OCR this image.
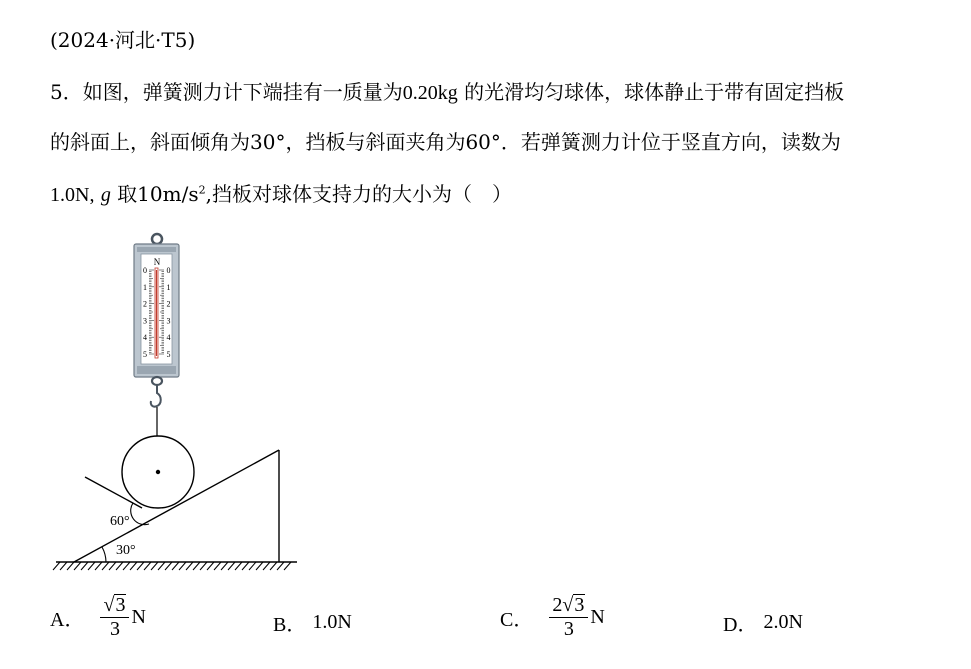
(2024·河北·T5)
5．如图，弹簧测力计下端挂有一质量为0.20kg 的光滑均匀球体，球体静止于带有固定挡板
的斜面上，斜面倾角为30°，挡板与斜面夹角为60°．若弹簧测力计位于竖直方向，读数为
1.0N, g 取$10m/s^2$,挡板对球体支持力的大小为（　）
N
0 0
1 1
2 2
3 3
4 4
5 5
60°
30°
A． $\frac{√ 3}{3}$ N	B． 1.0N	C． $\frac{2 √ 3}{3}$ N	D． 2.0N
